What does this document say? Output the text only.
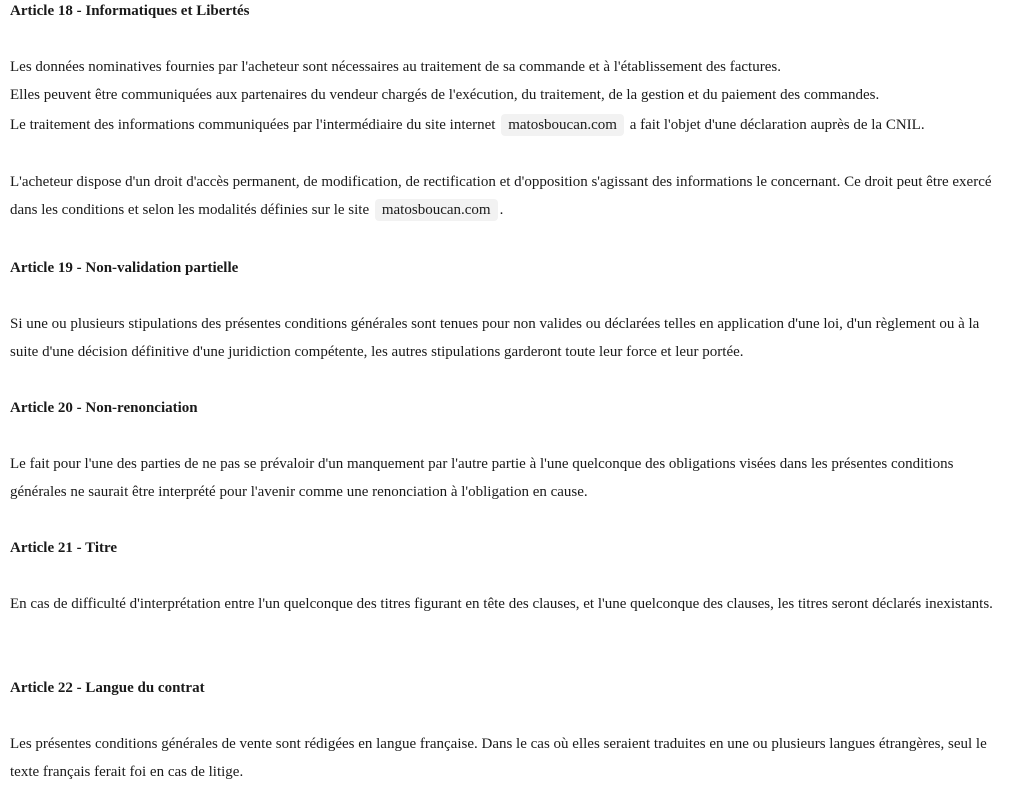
Article 18 - Informatiques et Libertés

Les données nominatives fournies par l'acheteur sont nécessaires au traitement de sa commande et à l'établissement des factures.

Elles peuvent être communiquées aux partenaires du vendeur chargés de l'exécution, du traitement, de la gestion et du paiement des commandes.

Le traitement des informations communiquées par l'intermédiaire du site internet matosboucan.com a fait l'objet d'une déclaration auprès de la CNIL.

L'acheteur dispose d'un droit d'accès permanent, de modification, de rectification et d'opposition s'agissant des informations le concernant. Ce droit peut être exercé dans les conditions et selon les modalités définies sur le site matosboucan.com .

Article 19 - Non-validation partielle

Si une ou plusieurs stipulations des présentes conditions générales sont tenues pour non valides ou déclarées telles en application d'une loi, d'un règlement ou à la suite d'une décision définitive d'une juridiction compétente, les autres stipulations garderont toute leur force et leur portée.

Article 20 - Non-renonciation

Le fait pour l'une des parties de ne pas se prévaloir d'un manquement par l'autre partie à l'une quelconque des obligations visées dans les présentes conditions générales ne saurait être interprété pour l'avenir comme une renonciation à l'obligation en cause.

Article 21 - Titre

En cas de difficulté d'interprétation entre l'un quelconque des titres figurant en tête des clauses, et l'une quelconque des clauses, les titres seront déclarés inexistants.

Article 22 - Langue du contrat

Les présentes conditions générales de vente sont rédigées en langue française. Dans le cas où elles seraient traduites en une ou plusieurs langues étrangères, seul le texte français ferait foi en cas de litige.
